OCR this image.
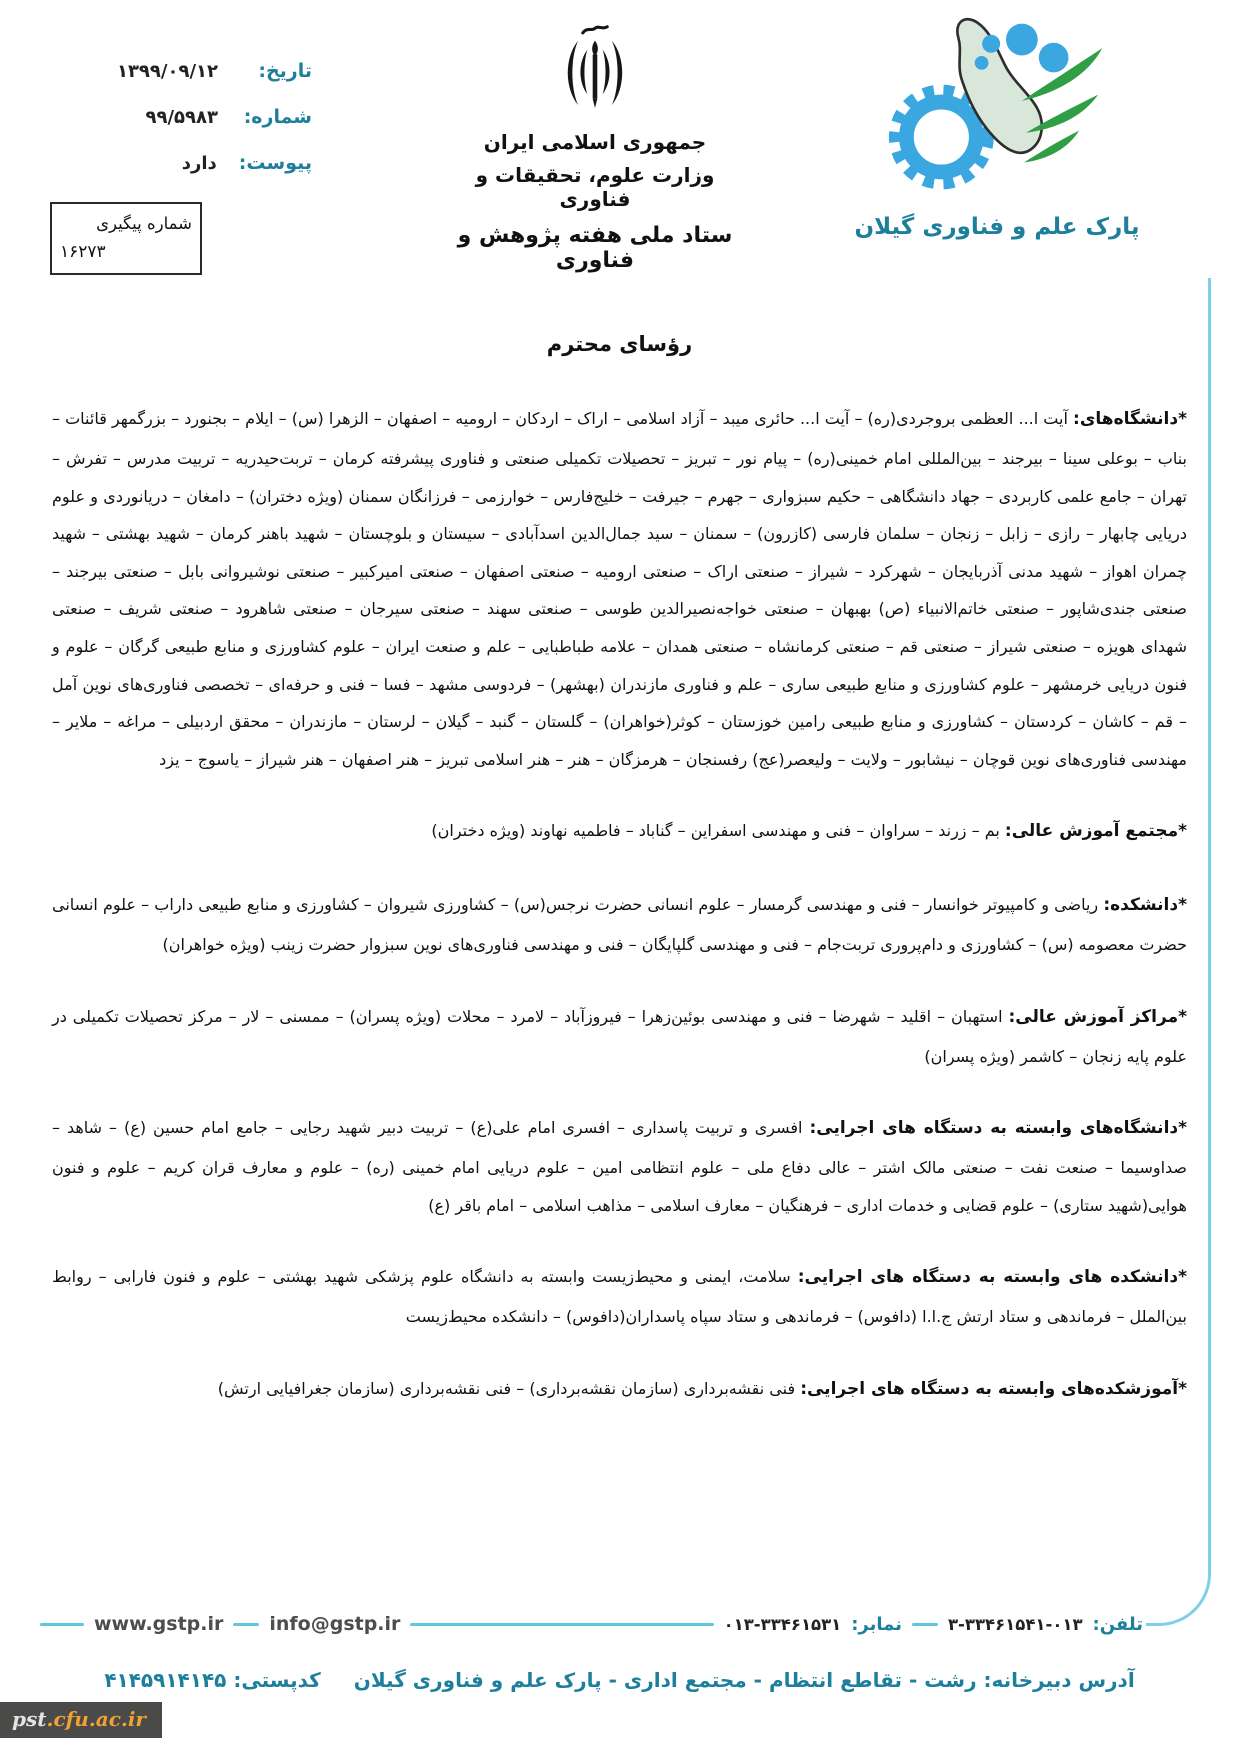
تاریخ:
۱۳۹۹/۰۹/۱۲
شماره:
۹۹/۵۹۸۳
پیوست:
دارد
شماره پیگیری
۱۶۲۷۳
جمهوری اسلامی ایران
وزارت علوم، تحقیقات و فناوری
ستاد ملی هفته پژوهش و فناوری
پارک علم و فناوری گیلان
رؤسای محترم

*دانشگاه‌های: آیت ا... العظمی بروجردی(ره) – آیت ا... حائری میبد – آزاد اسلامی – اراک – اردکان – ارومیه – اصفهان – الزهرا (س) – ایلام – بجنورد – بزرگمهر قائنات – بناب – بوعلی سینا – بیرجند – بین‌المللی امام خمینی(ره) – پیام نور – تبریز – تحصیلات تکمیلی صنعتی و فناوری پیشرفته کرمان – تربت‌حیدریه – تربیت مدرس – تفرش – تهران – جامع علمی کاربردی – جهاد دانشگاهی – حکیم سبزواری – جهرم – جیرفت – خلیج‌فارس – خوارزمی – فرزانگان سمنان (ویژه دختران) – دامغان – دریانوردی و علوم دریایی چابهار – رازی – زابل – زنجان – سلمان فارسی (کازرون) – سمنان – سید جمال‌الدین اسدآبادی – سیستان و بلوچستان – شهید باهنر کرمان – شهید بهشتی – شهید چمران اهواز – شهید مدنی آذربایجان – شهرکرد – شیراز – صنعتی اراک – صنعتی ارومیه – صنعتی اصفهان – صنعتی امیرکبیر – صنعتی نوشیروانی بابل – صنعتی بیرجند – صنعتی جندی‌شاپور – صنعتی خاتم‌الانبیاء (ص) بهبهان – صنعتی خواجه‌نصیرالدین طوسی – صنعتی سهند – صنعتی سیرجان – صنعتی شاهرود – صنعتی شریف – صنعتی شهدای هویزه – صنعتی شیراز – صنعتی قم – صنعتی کرمانشاه – صنعتی همدان – علامه طباطبایی – علم و صنعت ایران – علوم کشاورزی و منابع طبیعی گرگان – علوم و فنون دریایی خرمشهر – علوم کشاورزی و منابع طبیعی ساری – علم و فناوری مازندران (بهشهر) – فردوسی مشهد – فسا – فنی و حرفه‌ای – تخصصی فناوری‌های نوین آمل – قم – کاشان – کردستان – کشاورزی و منابع طبیعی رامین خوزستان – کوثر(خواهران) – گلستان – گنبد – گیلان – لرستان – مازندران – محقق اردبیلی – مراغه – ملایر – مهندسی فناوری‌های نوین قوچان – نیشابور – ولایت – ولیعصر(عج) رفسنجان – هرمزگان – هنر – هنر اسلامی تبریز – هنر اصفهان – هنر شیراز – یاسوج – یزد

*مجتمع آموزش عالی: بم – زرند – سراوان – فنی و مهندسی اسفراین – گناباد – فاطمیه نهاوند (ویژه دختران)

*دانشکده: ریاضی و کامپیوتر خوانسار – فنی و مهندسی گرمسار – علوم انسانی حضرت نرجس(س) – کشاورزی شیروان – کشاورزی و منابع طبیعی داراب – علوم انسانی حضرت معصومه (س) – کشاورزی و دام‌پروری تربت‌جام – فنی و مهندسی گلپایگان – فنی و مهندسی فناوری‌های نوین سبزوار حضرت زینب (ویژه خواهران)

*مراکز آموزش عالی: استهبان – اقلید – شهرضا – فنی و مهندسی بوئین‌زهرا – فیروزآباد – لامرد – محلات (ویژه پسران) – ممسنی – لار – مرکز تحصیلات تکمیلی در علوم پایه زنجان – کاشمر (ویژه پسران)

*دانشگاه‌های وابسته به دستگاه های اجرایی: افسری و تربیت پاسداری – افسری امام علی(ع) – تربیت دبیر شهید رجایی – جامع امام حسین (ع) – شاهد – صداوسیما – صنعت نفت – صنعتی مالک اشتر – عالی دفاع ملی – علوم انتظامی امین – علوم دریایی امام خمینی (ره) – علوم و معارف قران کریم – علوم و فنون هوایی(شهید ستاری) – علوم قضایی و خدمات اداری – فرهنگیان – معارف اسلامی – مذاهب اسلامی – امام باقر (ع)

*دانشکده های وابسته به دستگاه های اجرایی: سلامت، ایمنی و محیط‌زیست وابسته به دانشگاه علوم پزشکی شهید بهشتی – علوم و فنون فارابی – روابط بین‌الملل – فرماندهی و ستاد ارتش ج.ا.ا (دافوس) – فرماندهی و ستاد سپاه پاسداران(دافوس) – دانشکده محیط‌زیست

*آموزشکده‌های وابسته به دستگاه های اجرایی: فنی نقشه‌برداری (سازمان نقشه‌برداری) – فنی نقشه‌برداری (سازمان جغرافیایی ارتش)

تلفن:
۳-۳۳۴۶۱۵۴۱-۰۱۳
نمابر:
۰۱۳-۳۳۴۶۱۵۳۱
info@gstp.ir
www.gstp.ir
آدرس دبیرخانه: رشت - تقاطع انتظام - مجتمع اداری - پارک علم و فناوری گیلان کدپستی: ۴۱۴۵۹۱۴۱۴۵
pst.cfu.ac.ir
